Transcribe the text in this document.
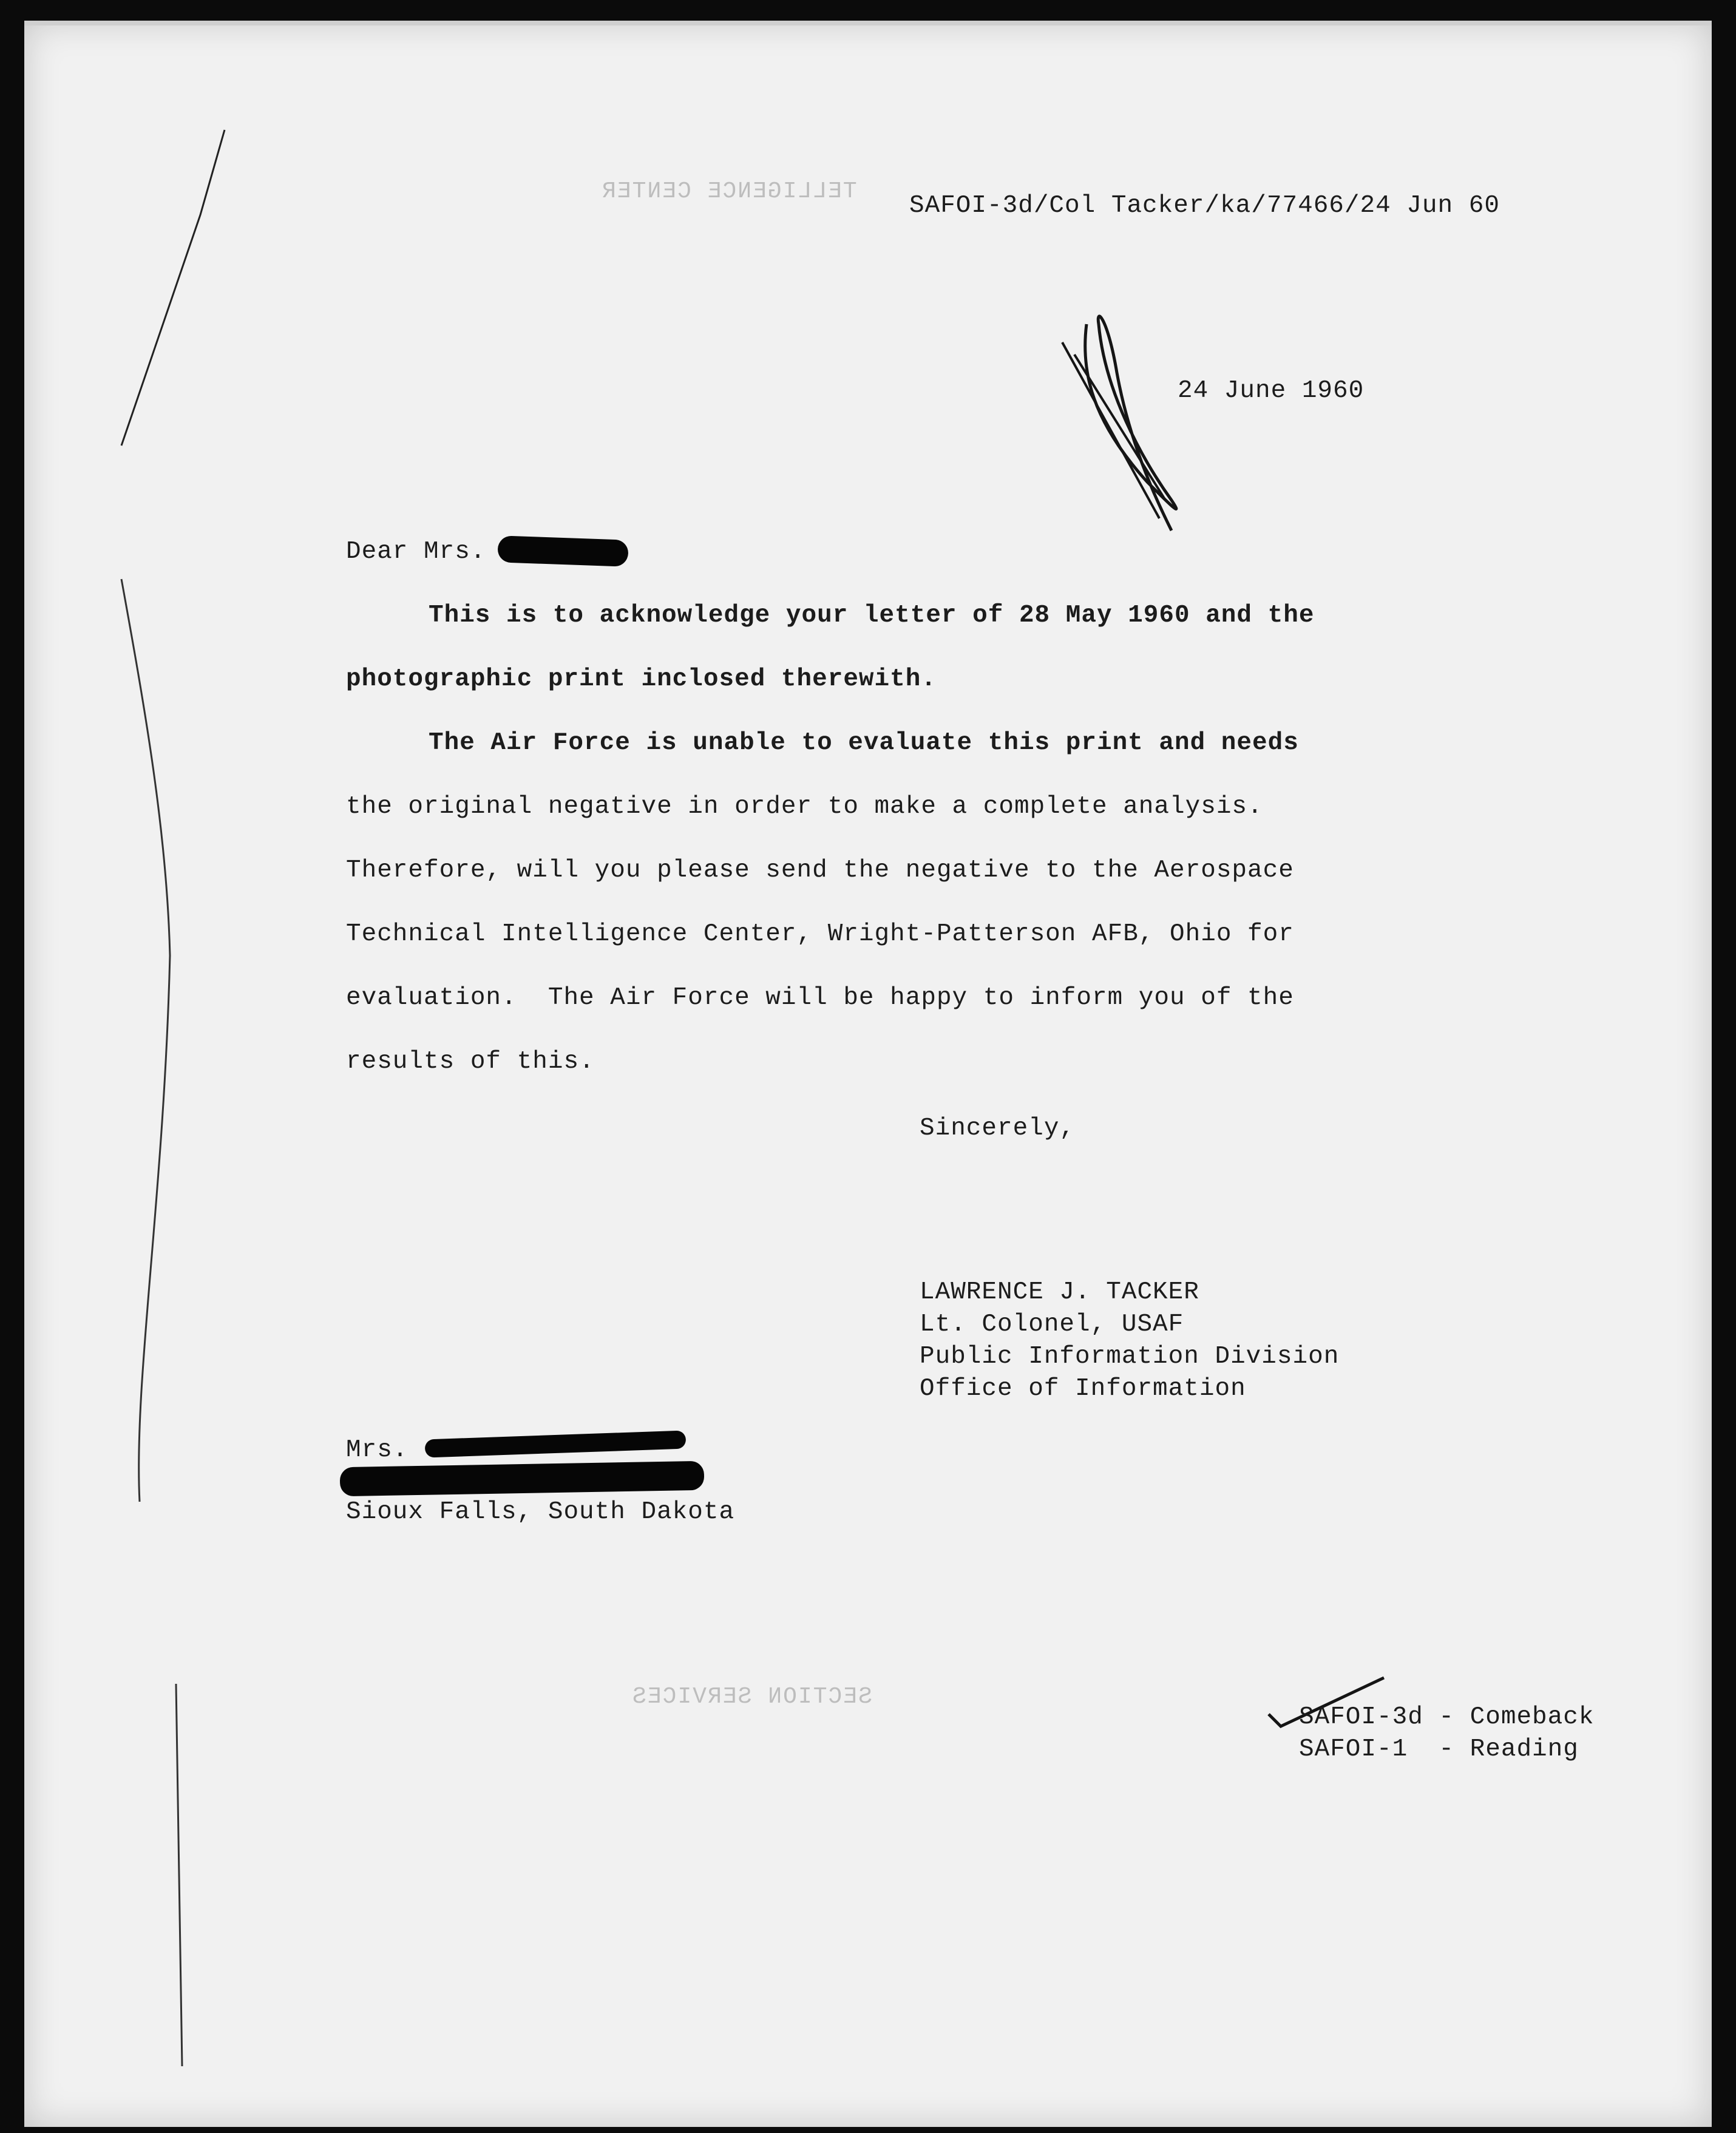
TELLIGENCE CENTER
SECTION SERVICES
SAFOI-3d/Col Tacker/ka/77466/24 Jun 60
24 June 1960
Dear Mrs.
This is to acknowledge your letter of 28 May 1960 and the
photographic print inclosed therewith.
The Air Force is unable to evaluate this print and needs
the original negative in order to make a complete analysis.
Therefore, will you please send the negative to the Aerospace
Technical Intelligence Center, Wright-Patterson AFB, Ohio for
evaluation.  The Air Force will be happy to inform you of the
results of this.
Sincerely,
LAWRENCE J. TACKER
Lt. Colonel, USAF
Public Information Division
Office of Information
Mrs.
Sioux Falls, South Dakota
SAFOI-3d - Comeback
SAFOI-1  - Reading
